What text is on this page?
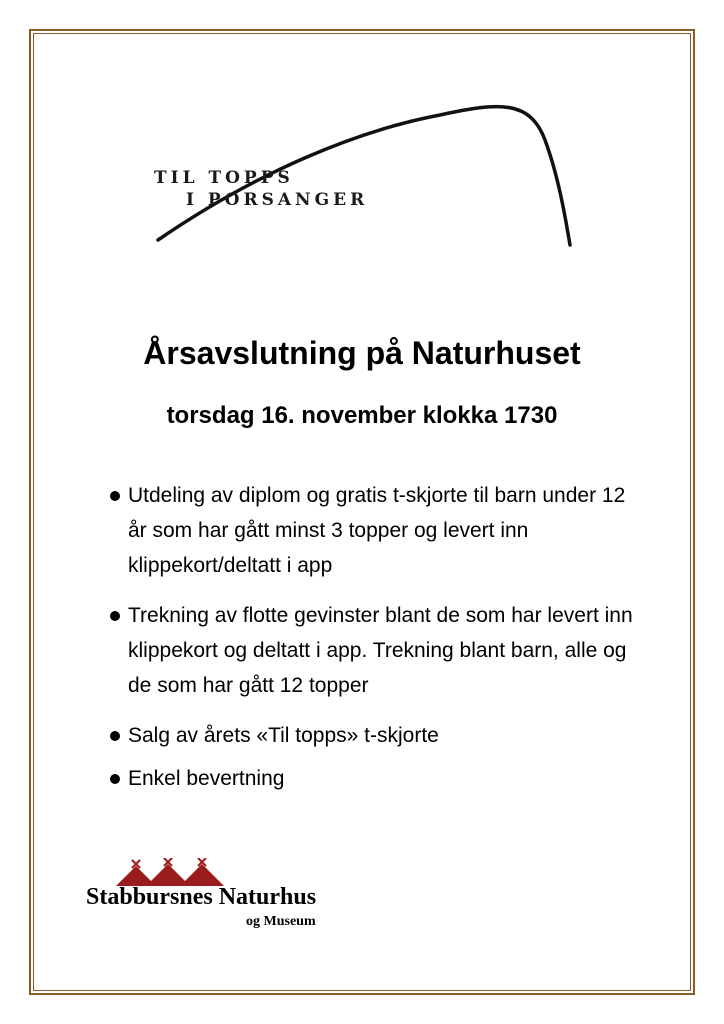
TIL TOPPS
I PORSANGER
Årsavslutning på Naturhuset
torsdag 16. november klokka 1730
Utdeling av diplom og gratis t-skjorte til barn under 12 år som har gått minst 3 topper og levert inn klippekort/deltatt i app
Trekning av flotte gevinster blant de som har levert inn klippekort og deltatt i app. Trekning blant barn, alle og de som har gått 12 topper
Salg av årets «Til topps» t-skjorte
Enkel bevertning
Stabbursnes Naturhus
og Museum
